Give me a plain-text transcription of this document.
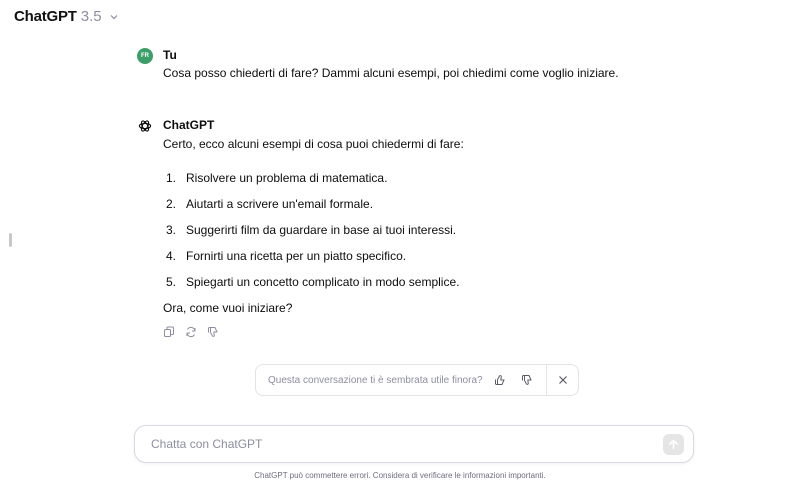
ChatGPT 3.5
FR	Tu
Cosa posso chiederti di fare? Dammi alcuni esempi, poi chiedimi come voglio iniziare.
ChatGPT
Certo, ecco alcuni esempi di cosa puoi chiedermi di fare:
1. Risolvere un problema di matematica.
2. Aiutarti a scrivere un'email formale.
3. Suggerirti film da guardare in base ai tuoi interessi.
4. Fornirti una ricetta per un piatto specifico.
5. Spiegarti un concetto complicato in modo semplice.
Ora, come vuoi iniziare?
Questa conversazione ti è sembrata utile finora?
Chatta con ChatGPT
ChatGPT può commettere errori. Considera di verificare le informazioni importanti.
